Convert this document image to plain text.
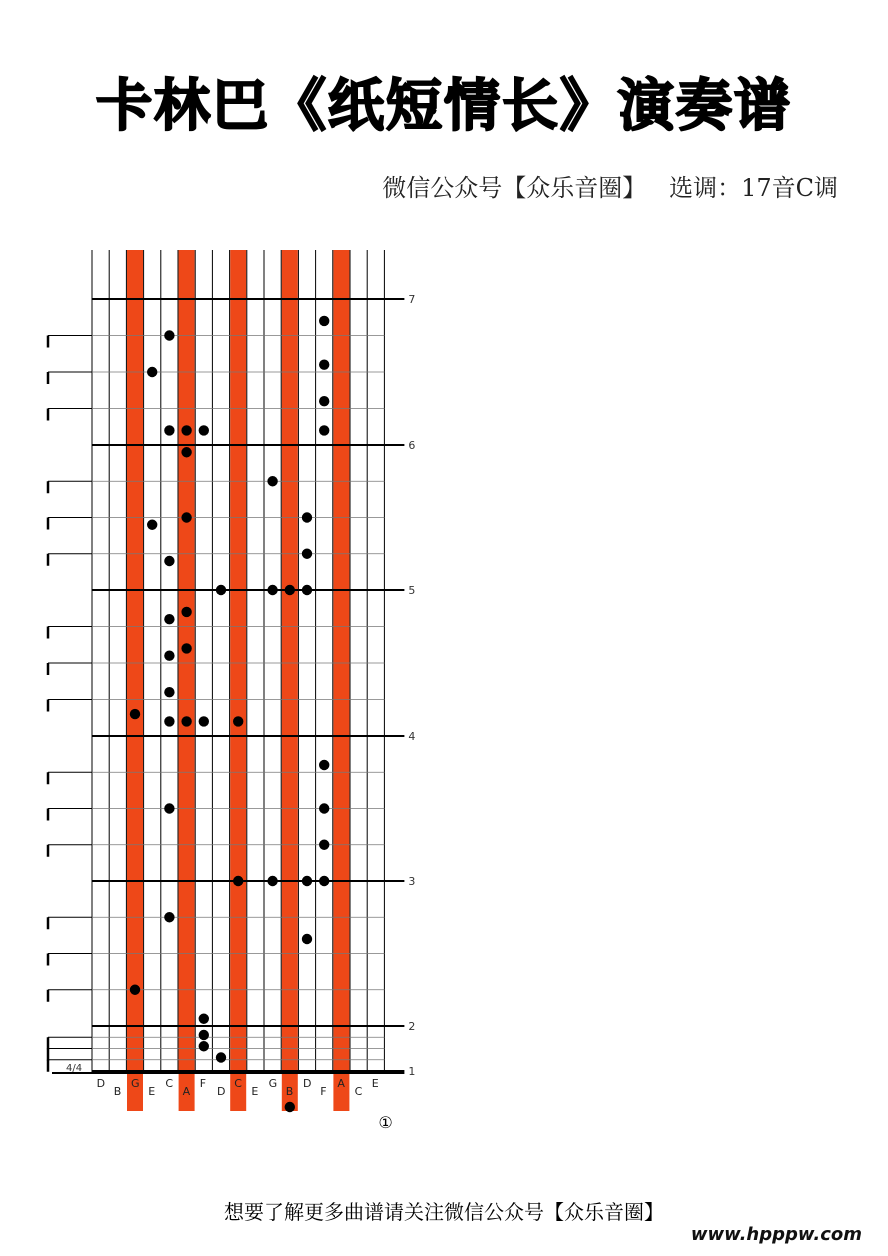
卡林巴《纸短情长》演奏谱
微信公众号【众乐音圈】   选调：17音C调
1
2
3
4
5
6
7
D
B
G
E
C
A
F
D
C
E
G
B
D
F
A
C
E
4/4
①
想要了解更多曲谱请关注微信公众号【众乐音圈】
www.hpppw.com
